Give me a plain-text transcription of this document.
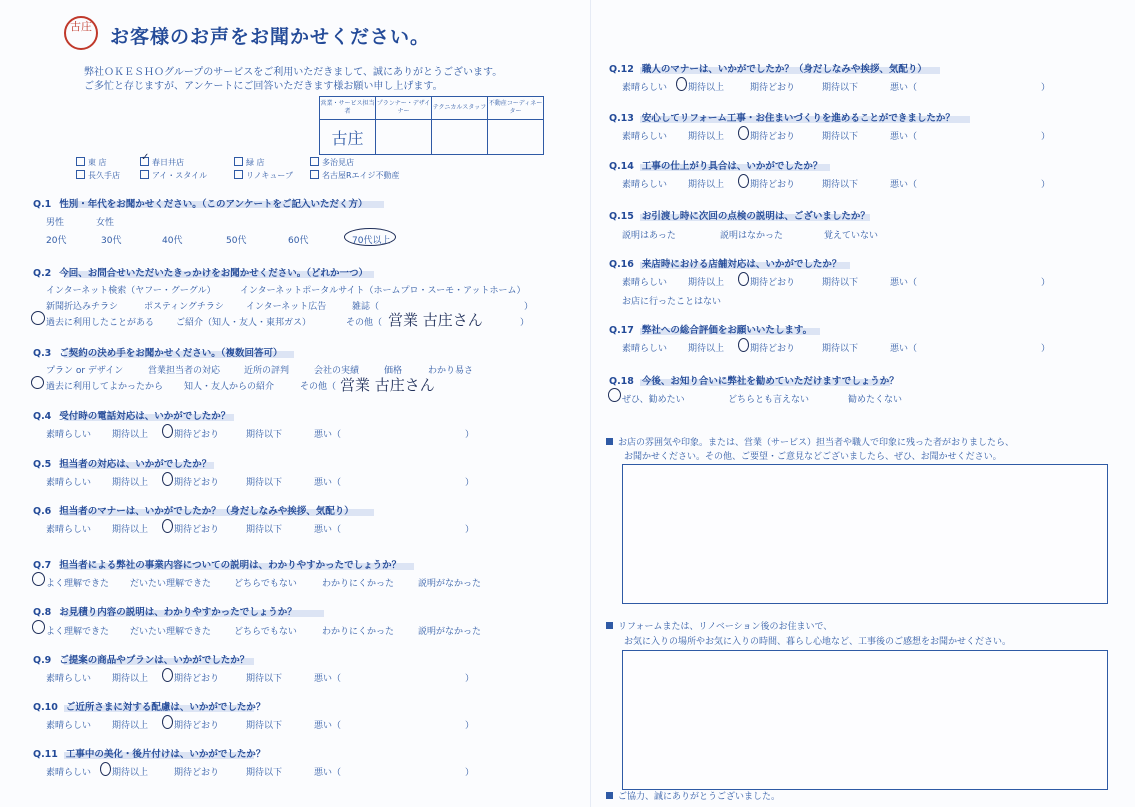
古庄 お客様のお声をお聞かせください。
弊社ＯＫＥＳＨＯグループのサービスをご利用いただきまして、誠にありがとうございます。
ご多忙と存じますが、アンケートにご回答いただきます様お願い申し上げます。
営業・サービス担当者	プランナー・デザイナー	テクニカルスタッフ	不動産コーディネーター
古庄			
東 店	✓ 春日井店	緑 店	多治見店
長久手店	アイ・スタイル	リノキューブ	名古屋Rエイジ不動産
Q.1 性別・年代をお聞かせください。（このアンケートをご記入いただく方）
男性	女性
20代	30代	40代	50代	60代	70代以上
Q.2 今回、お問合せいただいたきっかけをお聞かせください。（どれか一つ）
インターネット検索（ヤフー・グーグル）	インターネットポータルサイト（ホームプロ・スーモ・アットホーム）
新聞折込みチラシ	ポスティングチラシ インターネット広告	雑誌（	）
過去に利用したことがある ご紹介（知人・友人・東邦ガス）	その他（	）
営業 古庄さん
Q.3 ご契約の決め手をお聞かせください。（複数回答可）
プラン or デザイン	営業担当者の対応	近所の評判	会社の実績	価格	わかり易さ
過去に利用してよかったから 知人・友人からの紹介	その他（ 営業 古庄さん
Q.4 受付時の電話対応は、いかがでしたか？
素晴らしい 期待以上	期待どおり	期待以下	悪い（	）
Q.5 担当者の対応は、いかがでしたか？
素晴らしい 期待以上	期待どおり	期待以下	悪い（	）
Q.6 担当者のマナーは、いかがでしたか？（身だしなみや挨拶、気配り）
素晴らしい 期待以上	期待どおり	期待以下	悪い（	）
Q.9 ご提案の商品やプランは、いかがでしたか？
素晴らしい 期待以上	期待どおり	期待以下	悪い（	）
Q.10 ご近所さまに対する配慮は、いかがでしたか？
素晴らしい 期待以上	期待どおり	期待以下	悪い（	）
Q.11 工事中の美化・後片付けは、いかがでしたか？
素晴らしい 期待以上	期待どおり	期待以下	悪い（	）
Q.7 担当者による弊社の事業内容についての説明は、わかりやすかったでしょうか？
よく理解できた だいたい理解できた	どちらでもない	わかりにくかった	説明がなかった
Q.8 お見積り内容の説明は、わかりやすかったでしょうか？
よく理解できた だいたい理解できた	どちらでもない	わかりにくかった	説明がなかった
Q.12 職人のマナーは、いかがでしたか？（身だしなみや挨拶、気配り）
素晴らしい 期待以上	期待どおり	期待以下	悪い（	）
Q.13 安心してリフォーム工事・お住まいづくりを進めることができましたか？
素晴らしい 期待以上	期待どおり	期待以下	悪い（	）
Q.14 工事の仕上がり具合は、いかがでしたか？
素晴らしい 期待以上	期待どおり	期待以下	悪い（	）
Q.16 来店時における店舗対応は、いかがでしたか？
素晴らしい 期待以上	期待どおり	期待以下	悪い（	）
Q.17 弊社への総合評価をお願いいたします。
素晴らしい 期待以上	期待どおり	期待以下	悪い（	）
Q.15 お引渡し時に次回の点検の説明は、ございましたか？
説明はあった	説明はなかった	覚えていない
お店に行ったことはない
Q.18 今後、お知り合いに弊社を勧めていただけますでしょうか？
ぜひ、勧めたい	どちらとも言えない	勧めたくない
お店の雰囲気や印象。または、営業（サービス）担当者や職人で印象に残った者がおりましたら、
お聞かせください。その他、ご要望・ご意見などございましたら、ぜひ、お聞かせください。
リフォームまたは、リノベーション後のお住まいで、
お気に入りの場所やお気に入りの時間、暮らし心地など、工事後のご感想をお聞かせください。
ご協力、誠にありがとうございました。
